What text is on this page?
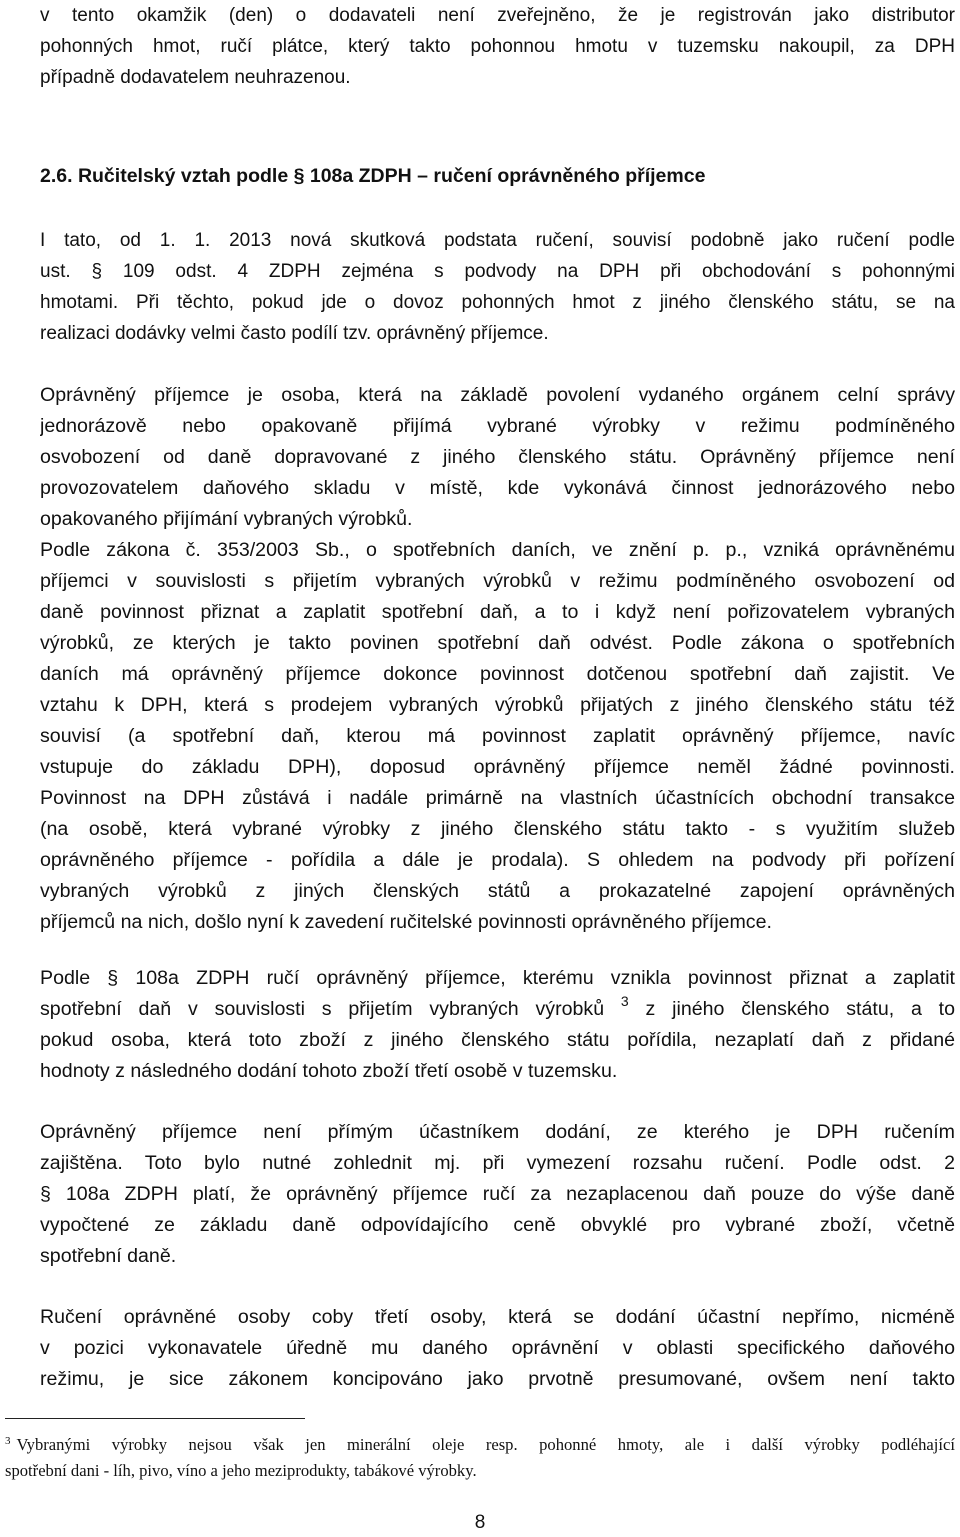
v tento okamžik (den) o dodavateli není zveřejněno, že je registrován jako distributor
pohonných hmot, ručí plátce, který takto pohonnou hmotu v tuzemsku nakoupil, za DPH
případně dodavatelem neuhrazenou.
2.6. Ručitelský vztah podle § 108a ZDPH – ručení oprávněného příjemce
I tato, od 1. 1. 2013 nová skutková podstata ručení, souvisí podobně jako ručení podle
ust. § 109 odst. 4 ZDPH zejména s podvody na DPH při obchodování s pohonnými
hmotami. Při těchto, pokud jde o dovoz pohonných hmot z jiného členského státu, se na
realizaci dodávky velmi často podílí tzv. oprávněný příjemce.
Oprávněný příjemce je osoba, která na základě povolení vydaného orgánem celní správy
jednorázově nebo opakovaně přijímá vybrané výrobky v režimu podmíněného
osvobození od daně dopravované z jiného členského státu. Oprávněný příjemce není
provozovatelem daňového skladu v místě, kde vykonává činnost jednorázového nebo
opakovaného přijímání vybraných výrobků.
Podle zákona č. 353/2003 Sb., o spotřebních daních, ve znění p. p., vzniká oprávněnému
příjemci v souvislosti s přijetím vybraných výrobků v režimu podmíněného osvobození od
daně povinnost přiznat a zaplatit spotřební daň, a to i když není pořizovatelem vybraných
výrobků, ze kterých je takto povinen spotřební daň odvést. Podle zákona o spotřebních
daních má oprávněný příjemce dokonce povinnost dotčenou spotřební daň zajistit. Ve
vztahu k DPH, která s prodejem vybraných výrobků přijatých z jiného členského státu též
souvisí (a spotřební daň, kterou má povinnost zaplatit oprávněný příjemce, navíc
vstupuje do základu DPH), doposud oprávněný příjemce neměl žádné povinnosti.
Povinnost na DPH zůstává i nadále primárně na vlastních účastnících obchodní transakce
(na osobě, která vybrané výrobky z jiného členského státu takto - s využitím služeb
oprávněného příjemce - pořídila a dále je prodala). S ohledem na podvody při pořízení
vybraných výrobků z jiných členských států a prokazatelné zapojení oprávněných
příjemců na nich, došlo nyní k zavedení ručitelské povinnosti oprávněného příjemce.
Podle § 108a ZDPH ručí oprávněný příjemce, kterému vznikla povinnost přiznat a zaplatit
spotřební daň v souvislosti s přijetím vybraných výrobků $^3$ z jiného členského státu, a to
pokud osoba, která toto zboží z jiného členského státu pořídila, nezaplatí daň z přidané
hodnoty z následného dodání tohoto zboží třetí osobě v tuzemsku.
Oprávněný příjemce není přímým účastníkem dodání, ze kterého je DPH ručením
zajištěna. Toto bylo nutné zohlednit mj. při vymezení rozsahu ručení. Podle odst. 2
§ 108a ZDPH platí, že oprávněný příjemce ručí za nezaplacenou daň pouze do výše daně
vypočtené ze základu daně odpovídajícího ceně obvyklé pro vybrané zboží, včetně
spotřební daně.
Ručení oprávněné osoby coby třetí osoby, která se dodání účastní nepřímo, nicméně
v pozici vykonavatele úředně mu daného oprávnění v oblasti specifického daňového
režimu, je sice zákonem koncipováno jako prvotně presumované, ovšem není takto
$^3$ Vybranými výrobky nejsou však jen minerální oleje resp. pohonné hmoty, ale i další výrobky podléhající
spotřební dani - líh, pivo, víno a jeho meziprodukty, tabákové výrobky.
8
